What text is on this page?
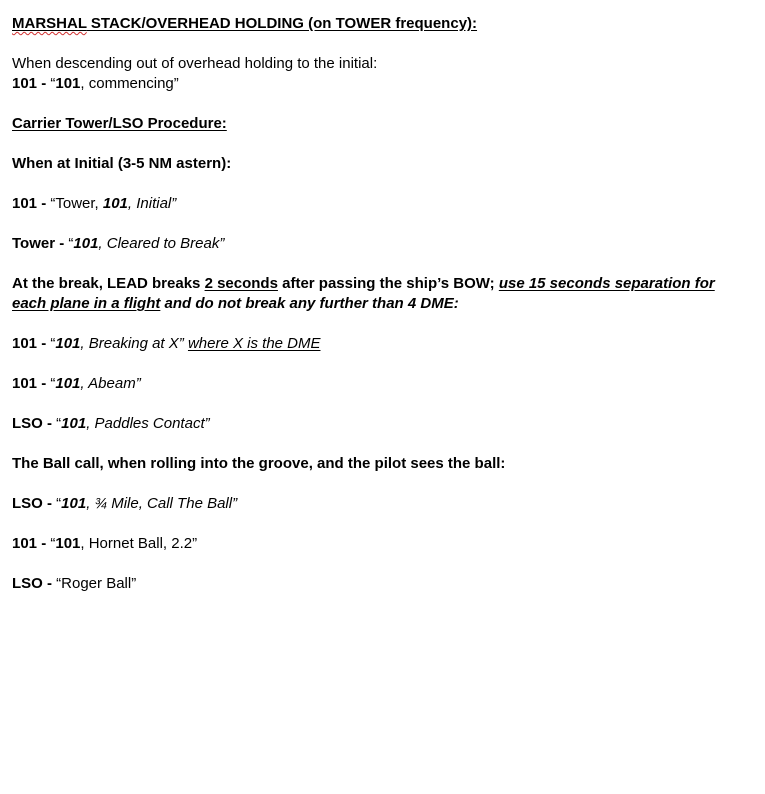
MARSHAL STACK/OVERHEAD HOLDING (on TOWER frequency):
When descending out of overhead holding to the initial:
101 - “101, commencing”
Carrier Tower/LSO Procedure:
When at Initial (3-5 NM astern):
101 - “Tower, 101, Initial”
Tower - “101, Cleared to Break”
At the break, LEAD breaks 2 seconds after passing the ship’s BOW; use 15 seconds separation for each plane in a flight and do not break any further than 4 DME:
101 - “101, Breaking at X” where X is the DME
101 - “101, Abeam”
LSO - “101, Paddles Contact”
The Ball call, when rolling into the groove, and the pilot sees the ball:
LSO - “101, ¾ Mile, Call The Ball”
101 - “101, Hornet Ball, 2.2”
LSO - “Roger Ball”
